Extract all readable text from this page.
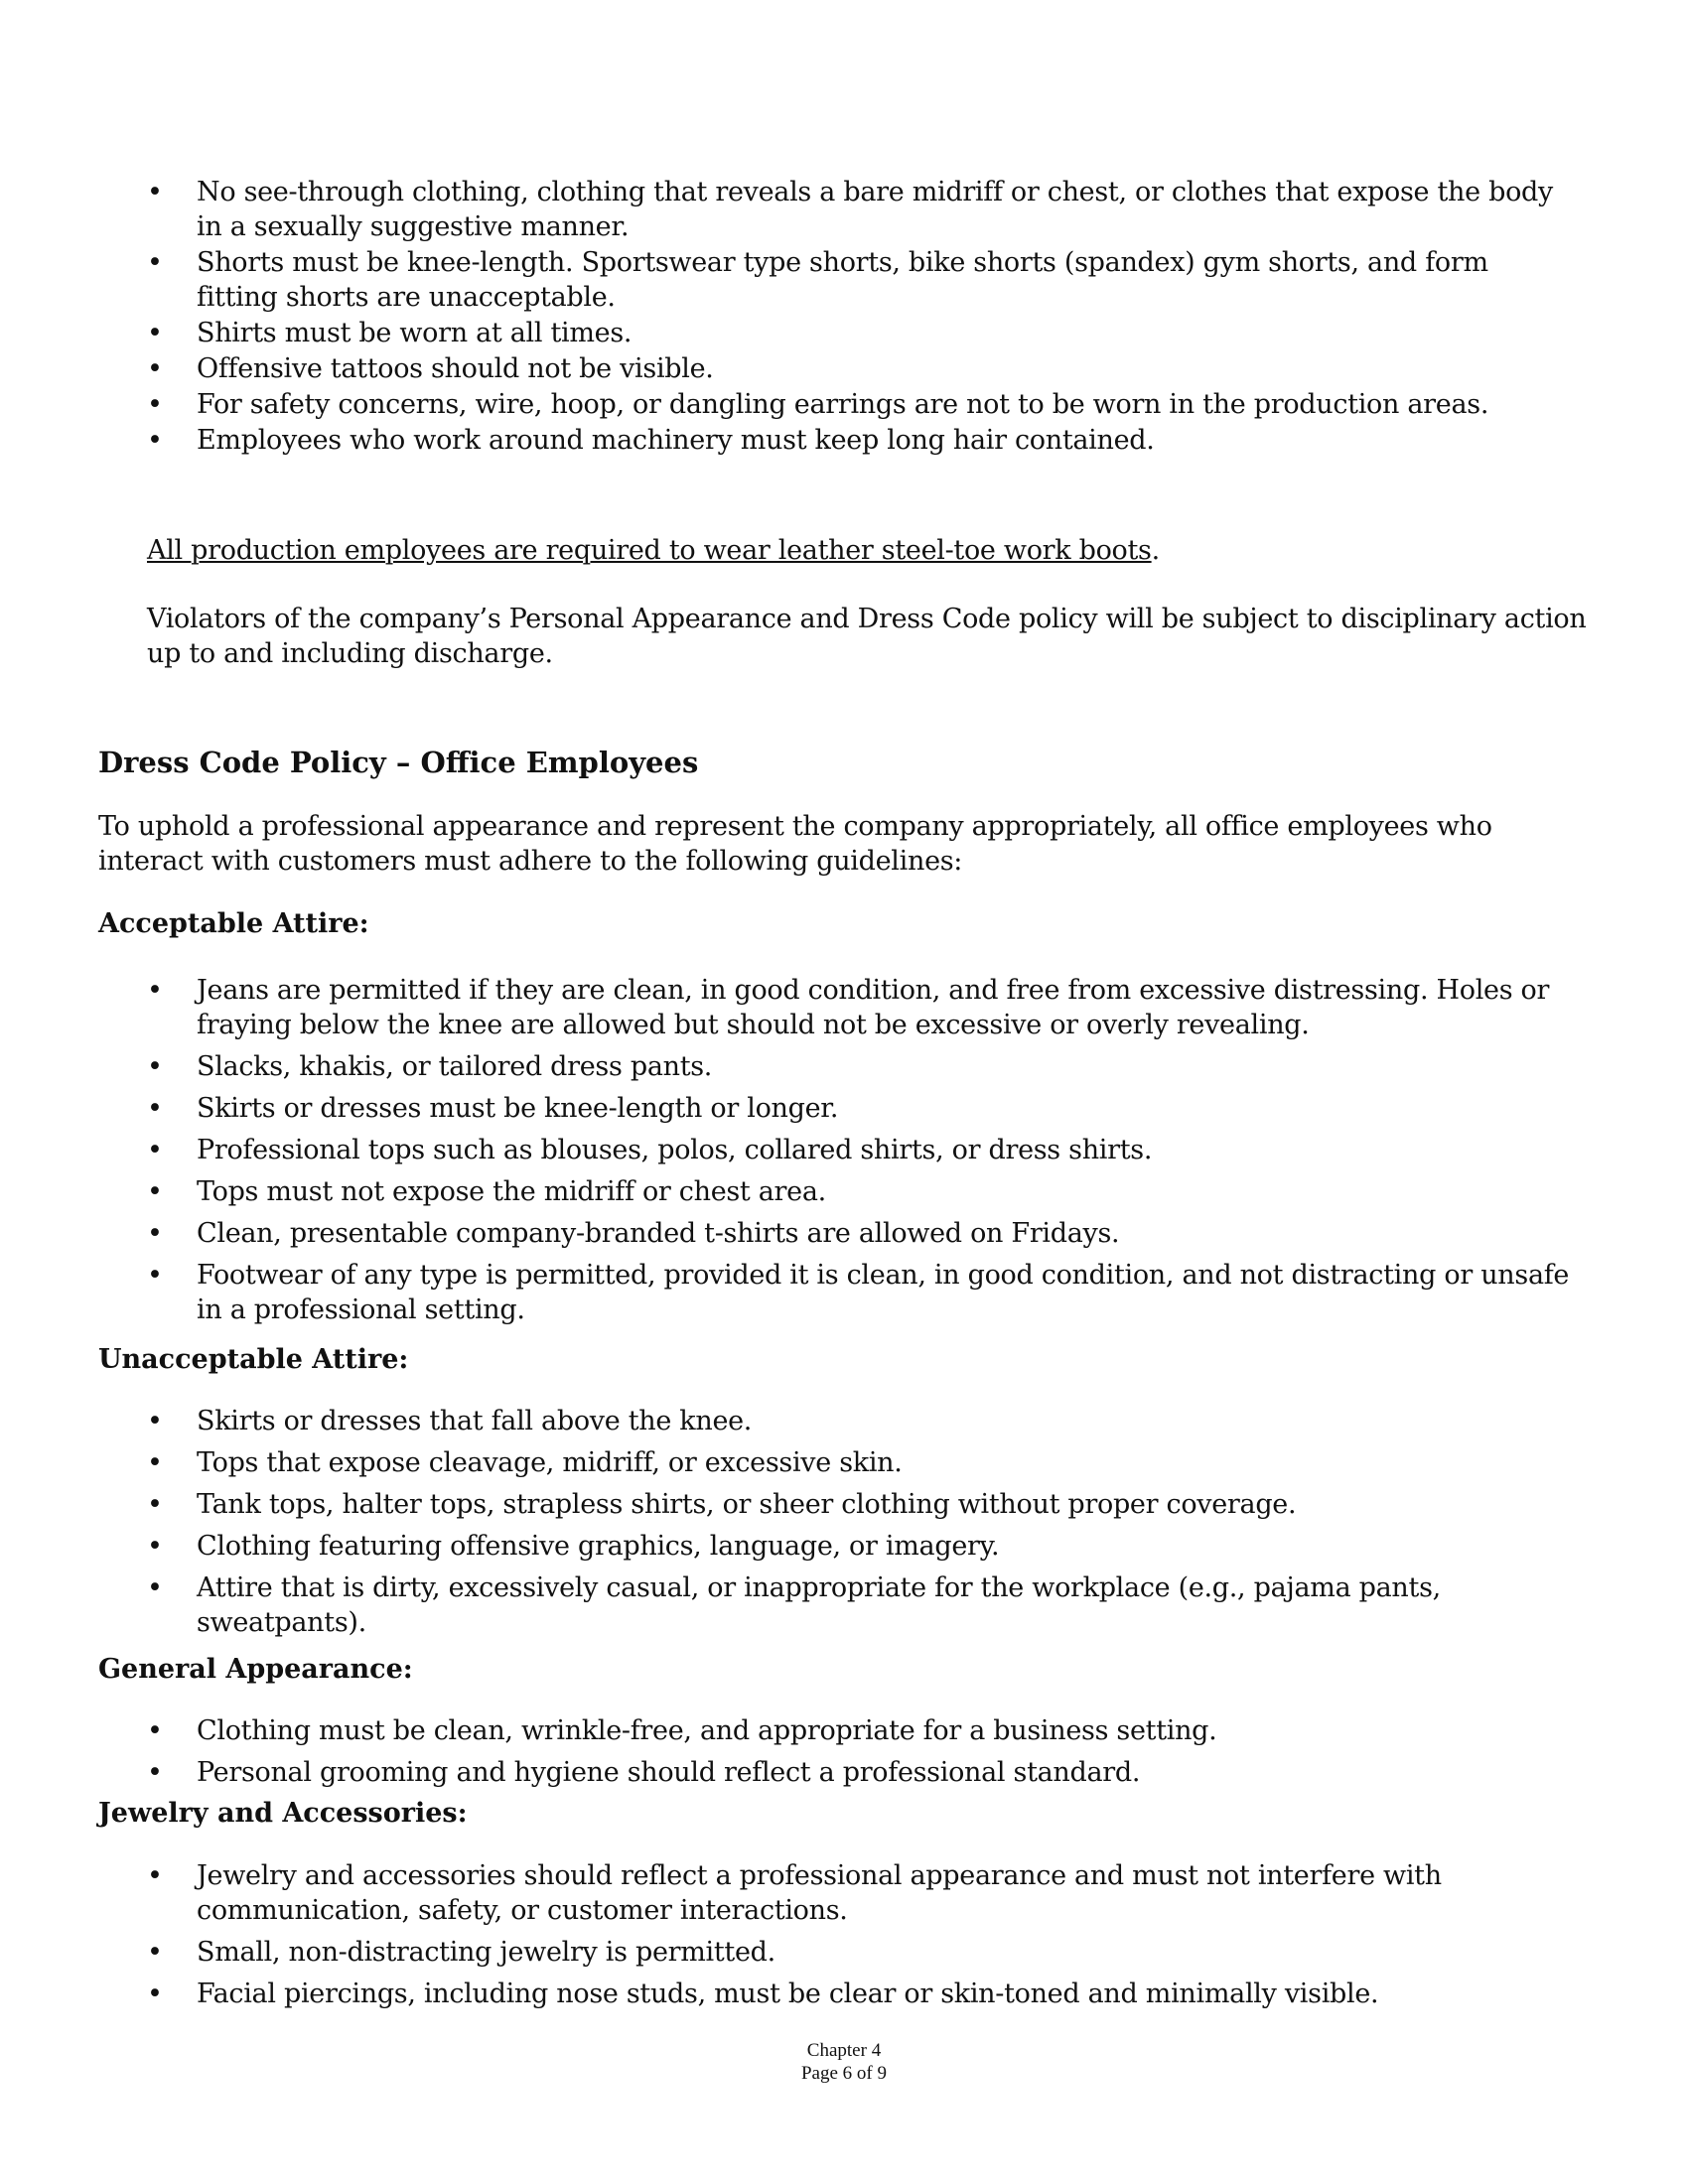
• No see-through clothing, clothing that reveals a bare midriff or chest, or clothes that expose the body in a sexually suggestive manner.
• Shorts must be knee-length. Sportswear type shorts, bike shorts (spandex) gym shorts, and form fitting shorts are unacceptable.
• Shirts must be worn at all times.
• Offensive tattoos should not be visible.
• For safety concerns, wire, hoop, or dangling earrings are not to be worn in the production areas.
• Employees who work around machinery must keep long hair contained.
All production employees are required to wear leather steel-toe work boots.
Violators of the company’s Personal Appearance and Dress Code policy will be subject to disciplinary action up to and including discharge.
Dress Code Policy – Office Employees
To uphold a professional appearance and represent the company appropriately, all office employees who interact with customers must adhere to the following guidelines:
Acceptable Attire:
• Jeans are permitted if they are clean, in good condition, and free from excessive distressing. Holes or fraying below the knee are allowed but should not be excessive or overly revealing.
• Slacks, khakis, or tailored dress pants.
• Skirts or dresses must be knee-length or longer.
• Professional tops such as blouses, polos, collared shirts, or dress shirts.
• Tops must not expose the midriff or chest area.
• Clean, presentable company-branded t-shirts are allowed on Fridays.
• Footwear of any type is permitted, provided it is clean, in good condition, and not distracting or unsafe in a professional setting.
Unacceptable Attire:
• Skirts or dresses that fall above the knee.
• Tops that expose cleavage, midriff, or excessive skin.
• Tank tops, halter tops, strapless shirts, or sheer clothing without proper coverage.
• Clothing featuring offensive graphics, language, or imagery.
• Attire that is dirty, excessively casual, or inappropriate for the workplace (e.g., pajama pants, sweatpants).
General Appearance:
• Clothing must be clean, wrinkle-free, and appropriate for a business setting.
• Personal grooming and hygiene should reflect a professional standard.
Jewelry and Accessories:
• Jewelry and accessories should reflect a professional appearance and must not interfere with communication, safety, or customer interactions.
• Small, non-distracting jewelry is permitted.
• Facial piercings, including nose studs, must be clear or skin-toned and minimally visible.
Chapter 4
Page 6 of 9
